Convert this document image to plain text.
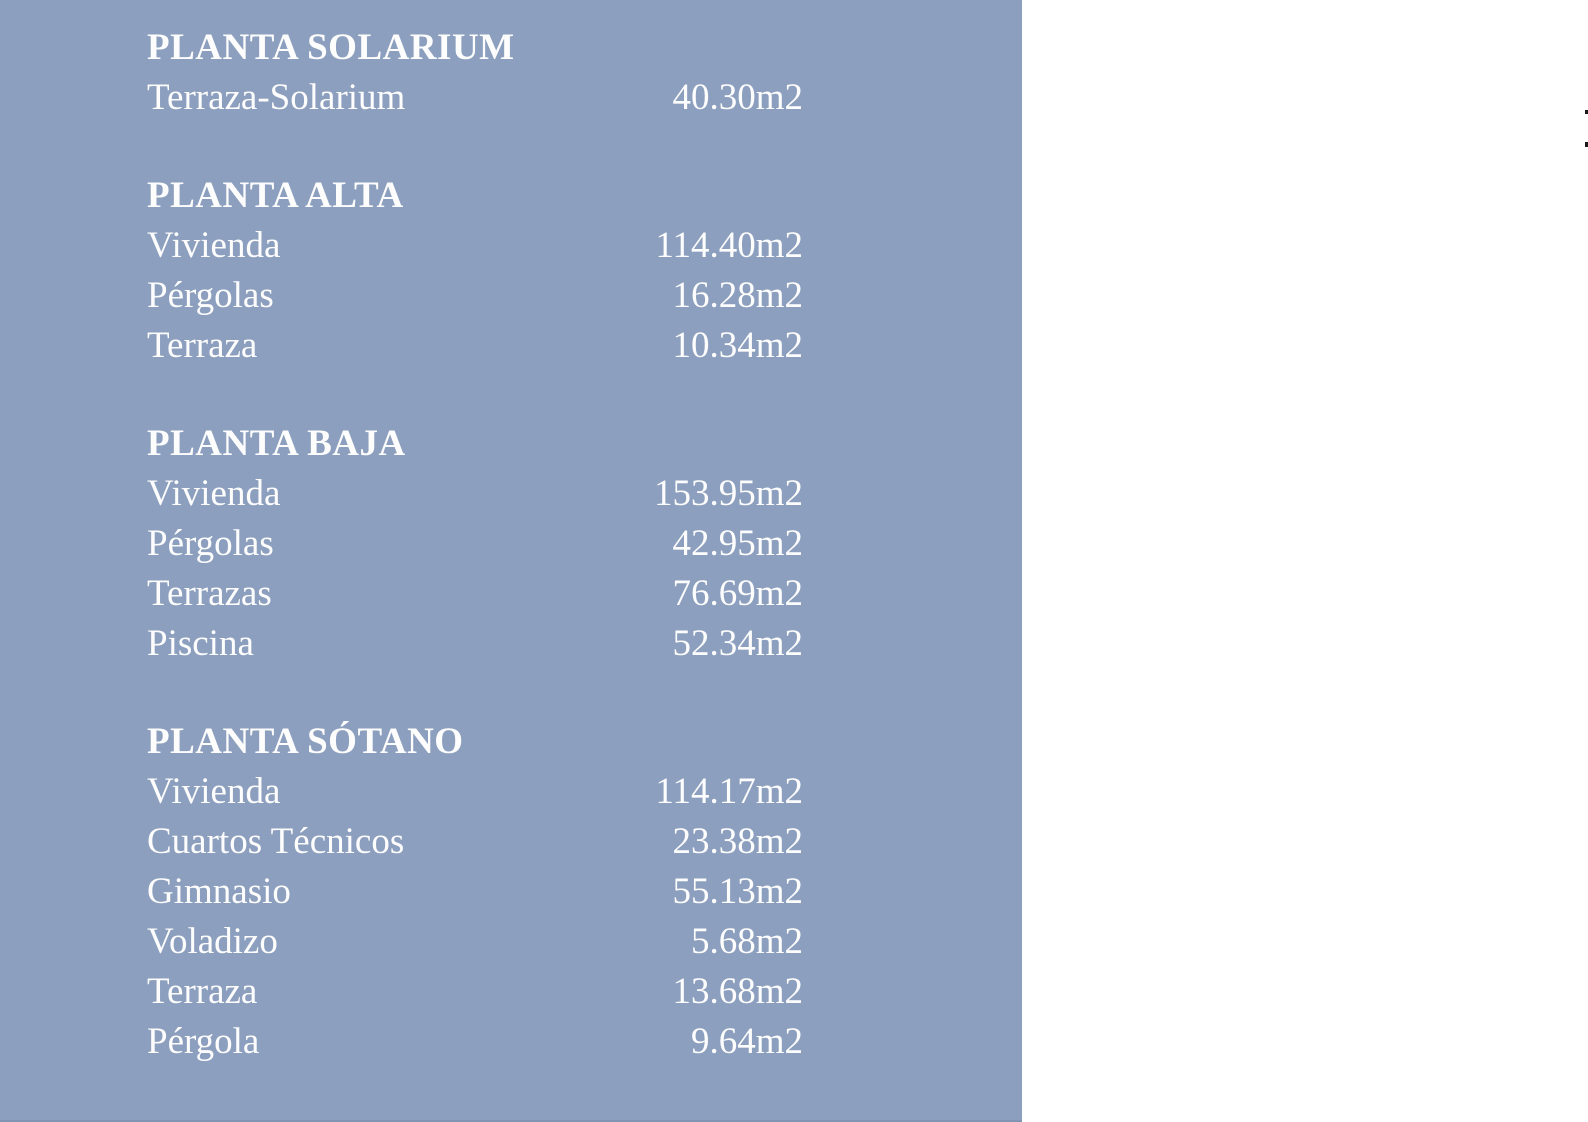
PLANTA SOLARIUM
Terraza-Solarium	40.30m2
PLANTA ALTA
Vivienda	114.40m2
Pérgolas	16.28m2
Terraza	10.34m2
PLANTA BAJA
Vivienda	153.95m2
Pérgolas	42.95m2
Terrazas	76.69m2
Piscina	52.34m2
PLANTA SÓTANO
Vivienda	114.17m2
Cuartos Técnicos	23.38m2
Gimnasio	55.13m2
Voladizo	5.68m2
Terraza	13.68m2
Pérgola	9.64m2
